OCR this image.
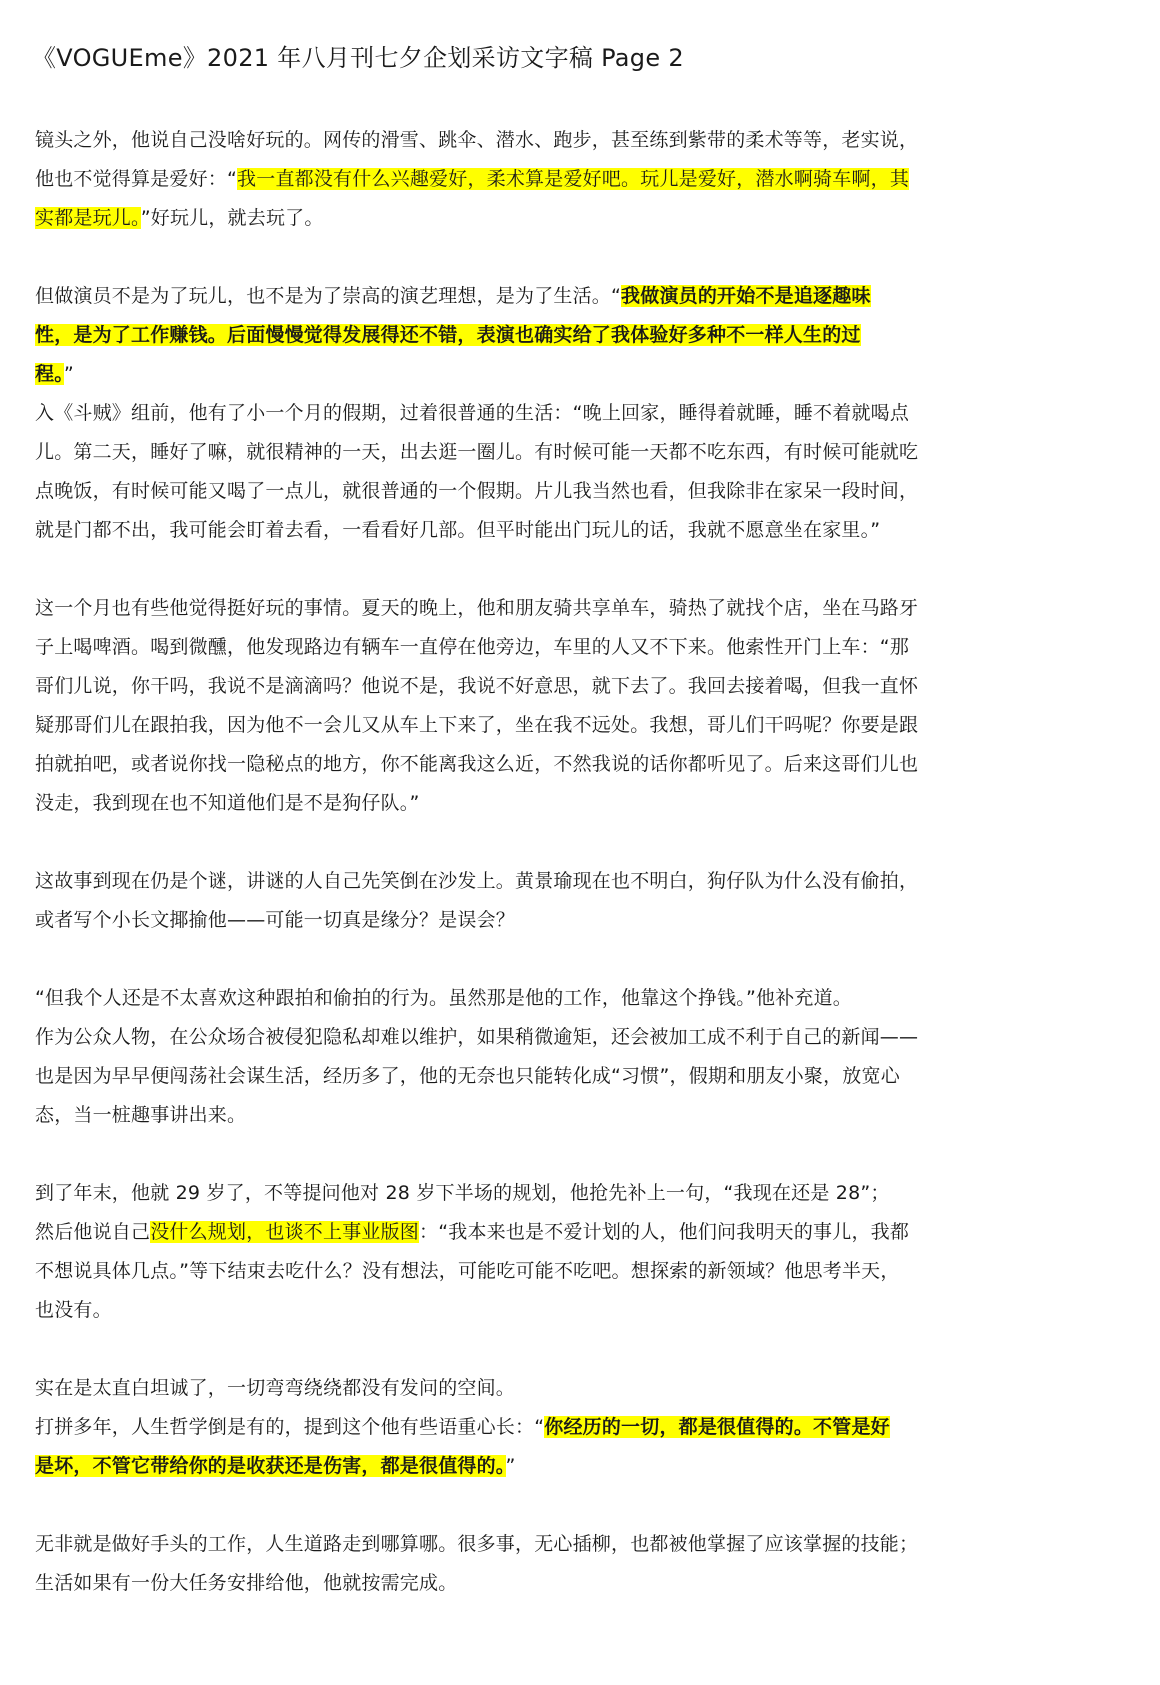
《VOGUEme》2021 年八月刊七夕企划采访文字稿 Page 2
镜头之外，他说自己没啥好玩的。网传的滑雪、跳伞、潜水、跑步，甚至练到紫带的柔术等等，老实说，
他也不觉得算是爱好：“我一直都没有什么兴趣爱好，柔术算是爱好吧。玩儿是爱好，潜水啊骑车啊，其
实都是玩儿。”好玩儿，就去玩了。
但做演员不是为了玩儿，也不是为了崇高的演艺理想，是为了生活。“我做演员的开始不是追逐趣味
性，是为了工作赚钱。后面慢慢觉得发展得还不错，表演也确实给了我体验好多种不一样人生的过
程。”
入《斗贼》组前，他有了小一个月的假期，过着很普通的生活：“晚上回家，睡得着就睡，睡不着就喝点
儿。第二天，睡好了嘛，就很精神的一天，出去逛一圈儿。有时候可能一天都不吃东西，有时候可能就吃
点晚饭，有时候可能又喝了一点儿，就很普通的一个假期。片儿我当然也看，但我除非在家呆一段时间，
就是门都不出，我可能会盯着去看，一看看好几部。但平时能出门玩儿的话，我就不愿意坐在家里。”
这一个月也有些他觉得挺好玩的事情。夏天的晚上，他和朋友骑共享单车，骑热了就找个店，坐在马路牙
子上喝啤酒。喝到微醺，他发现路边有辆车一直停在他旁边，车里的人又不下来。他索性开门上车：“那
哥们儿说，你干吗，我说不是滴滴吗？他说不是，我说不好意思，就下去了。我回去接着喝，但我一直怀
疑那哥们儿在跟拍我，因为他不一会儿又从车上下来了，坐在我不远处。我想，哥儿们干吗呢？你要是跟
拍就拍吧，或者说你找一隐秘点的地方，你不能离我这么近，不然我说的话你都听见了。后来这哥们儿也
没走，我到现在也不知道他们是不是狗仔队。”
这故事到现在仍是个谜，讲谜的人自己先笑倒在沙发上。黄景瑜现在也不明白，狗仔队为什么没有偷拍，
或者写个小长文揶揄他——可能一切真是缘分？是误会？
“但我个人还是不太喜欢这种跟拍和偷拍的行为。虽然那是他的工作，他靠这个挣钱。”他补充道。
作为公众人物，在公众场合被侵犯隐私却难以维护，如果稍微逾矩，还会被加工成不利于自己的新闻——
也是因为早早便闯荡社会谋生活，经历多了，他的无奈也只能转化成“习惯”，假期和朋友小聚，放宽心
态，当一桩趣事讲出来。
到了年末，他就 29 岁了，不等提问他对 28 岁下半场的规划，他抢先补上一句，“我现在还是 28”；
然后他说自己没什么规划，也谈不上事业版图：“我本来也是不爱计划的人，他们问我明天的事儿，我都
不想说具体几点。”等下结束去吃什么？没有想法，可能吃可能不吃吧。想探索的新领域？他思考半天，
也没有。
实在是太直白坦诚了，一切弯弯绕绕都没有发问的空间。
打拼多年，人生哲学倒是有的，提到这个他有些语重心长：“你经历的一切，都是很值得的。不管是好
是坏，不管它带给你的是收获还是伤害，都是很值得的。”
无非就是做好手头的工作，人生道路走到哪算哪。很多事，无心插柳，也都被他掌握了应该掌握的技能；
生活如果有一份大任务安排给他，他就按需完成。
